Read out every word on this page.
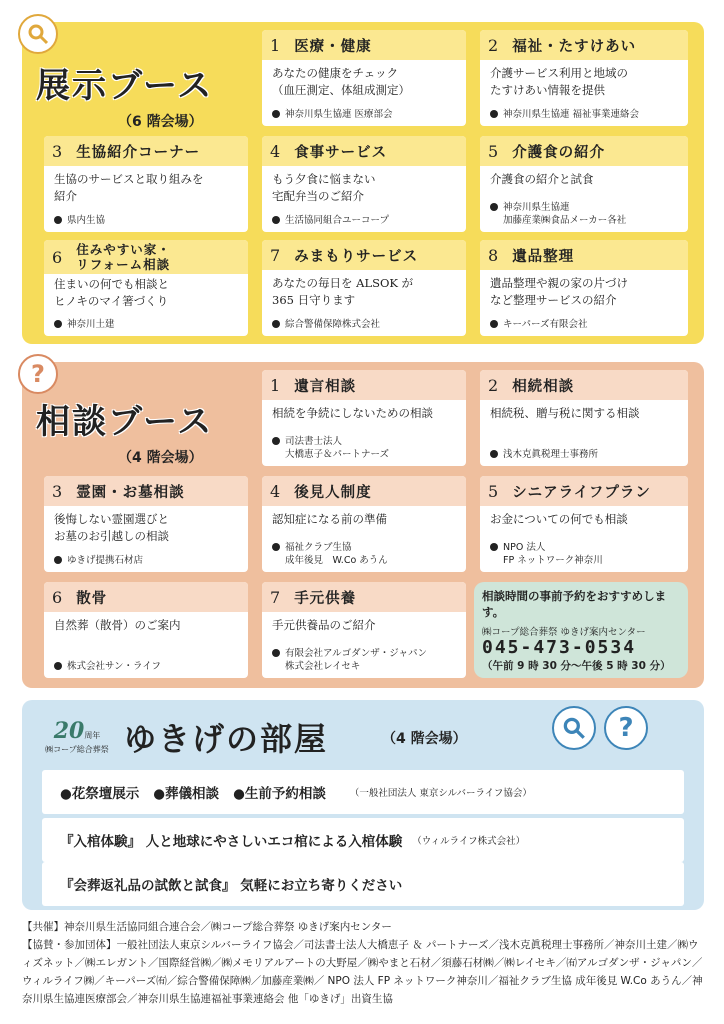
展示ブース
（6 階会場）
1 医療・健康
あなたの健康をチェック
（血圧測定、体組成測定）
神奈川県生協連 医療部会
2 福祉・たすけあい
介護サービス利用と地域の
たすけあい情報を提供
神奈川県生協連 福祉事業連絡会
3 生協紹介コーナー
生協のサービスと取り組みを
紹介
県内生協
4 食事サービス
もう夕食に悩まない
宅配弁当のご紹介
生活協同組合ユーコープ
5 介護食の紹介
介護食の紹介と試食
神奈川県生協連
加藤産業㈱食品メーカー各社
6 住みやすい家・
リフォーム相談
住まいの何でも相談と
ヒノキのマイ箸づくり
神奈川土建
7 みまもりサービス
あなたの毎日を ALSOK が
365 日守ります
綜合警備保障株式会社
8 遺品整理
遺品整理や親の家の片づけ
など整理サービスの紹介
キーパーズ有限会社
?
相談ブース
（4 階会場）
1 遺言相談
相続を争続にしないための相談
司法書士法人
大橋恵子＆パートナーズ
2 相続相談
相続税、贈与税に関する相談
浅木克眞税理士事務所
3 霊園・お墓相談
後悔しない霊園選びと
お墓のお引越しの相談
ゆきげ提携石材店
4 後見人制度
認知症になる前の準備
福祉クラブ生協
成年後見　W.Co あうん
5 シニアライフプラン
お金についての何でも相談
NPO 法人
FP ネットワーク神奈川
6 散骨
自然葬（散骨）のご案内
株式会社サン・ライフ
7 手元供養
手元供養品のご紹介
有限会社アルゴダンザ・ジャパン
株式会社レイセキ
相談時間の事前予約をおすすめします。
㈱コープ総合葬祭 ゆきげ案内センター
045-473-0534
（午前 9 時 30 分～午後 5 時 30 分）
20周年
㈱コープ総合葬祭 ゆきげの部屋	（4 階会場）	?
●花祭壇展示 ●葬儀相談 ●生前予約相談	（一般社団法人 東京シルバーライフ協会）
『入棺体験』 人と地球にやさしいエコ棺による入棺体験 （ウィルライフ株式会社）
『会葬返礼品の試飲と試食』 気軽にお立ち寄りください
【共催】神奈川県生活協同組合連合会／㈱コープ総合葬祭 ゆきげ案内センター
【協賛・参加団体】一般社団法人東京シルバーライフ協会／司法書士法人大橋恵子 ＆ パートナーズ／浅木克眞税理士事務所／神奈川土建／㈱ウィズネット／㈱エレガント／国際経営㈱／㈱メモリアルアートの大野屋／㈱やまと石材／須藤石材㈱／㈱レイセキ／㈲アルゴダンザ・ジャパン／ウィルライフ㈱／キーパーズ㈲／綜合警備保障㈱／加藤産業㈱／ NPO 法人 FP ネットワーク神奈川／福祉クラブ生協 成年後見 W.Co あうん／神奈川県生協連医療部会／神奈川県生協連福祉事業連絡会 他「ゆきげ」出資生協
